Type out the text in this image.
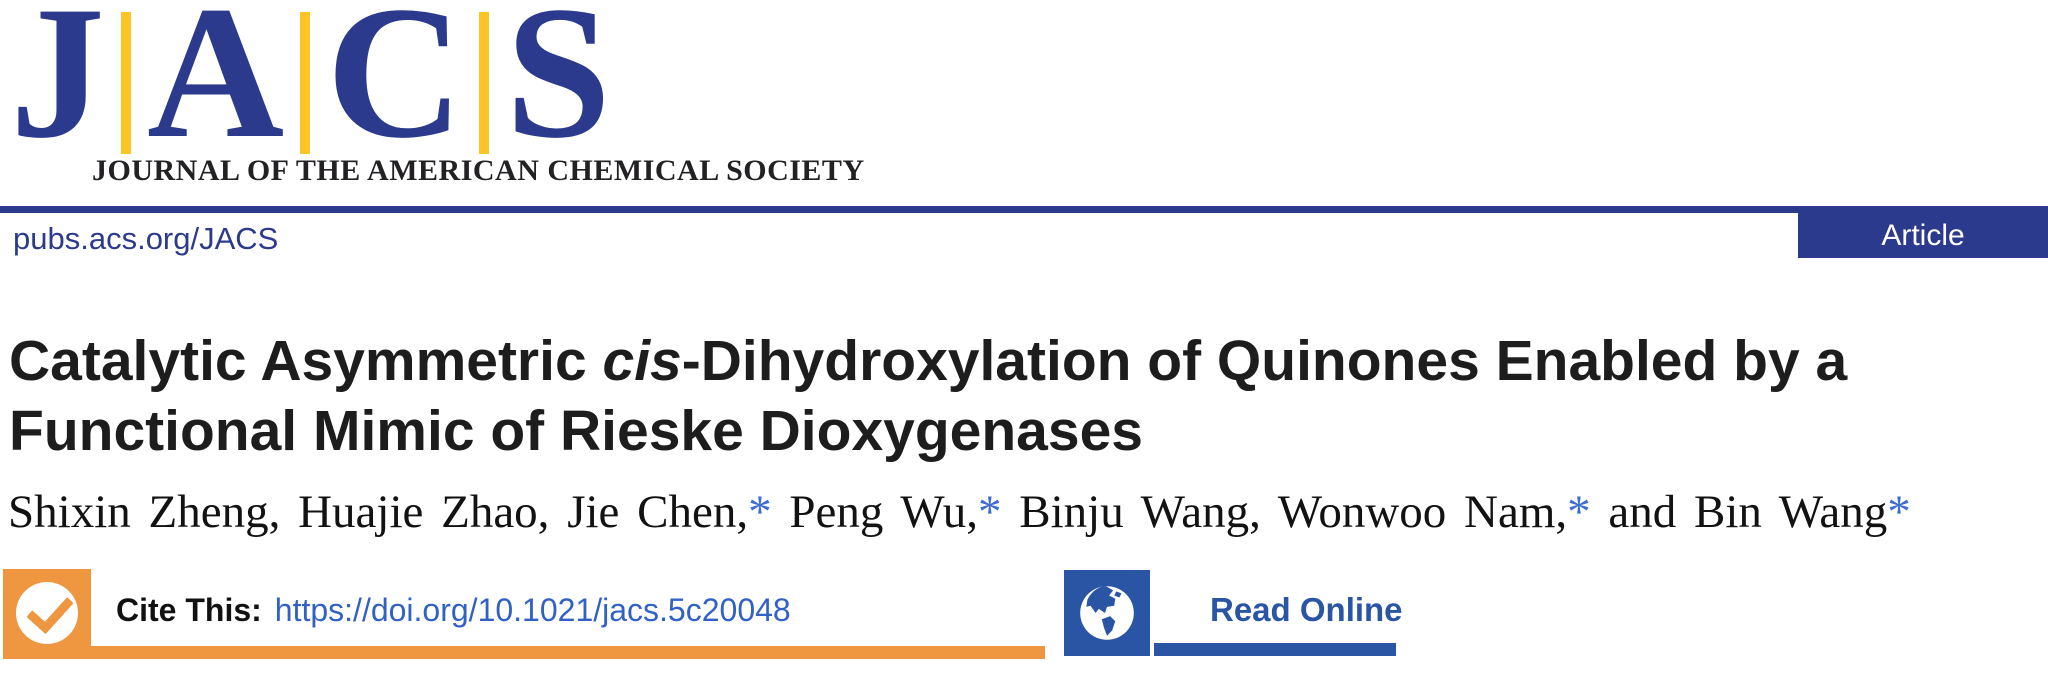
J A C S
JOURNAL OF THE AMERICAN CHEMICAL SOCIETY
pubs.acs.org/JACS	Article
Catalytic Asymmetric cis-Dihydroxylation of Quinones Enabled by a
Functional Mimic of Rieske Dioxygenases
Shixin Zheng, Huajie Zhao, Jie Chen,* Peng Wu,* Binju Wang, Wonwoo Nam,* and Bin Wang*
Cite This: https://doi.org/10.1021/jacs.5c20048	Read Online
